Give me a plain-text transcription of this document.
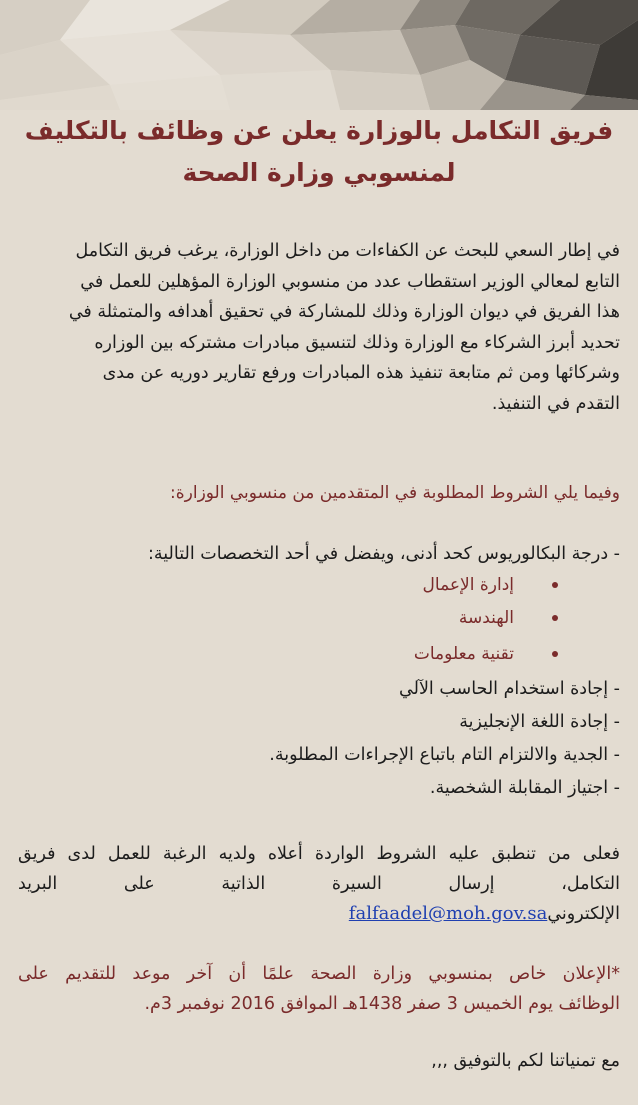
فريق التكامل بالوزارة يعلن عن وظائف بالتكليف
لمنسوبي وزارة الصحة
في إطار السعي للبحث عن الكفاءات من داخل الوزارة، يرغب فريق التكامل
التابع لمعالي الوزير استقطاب عدد من منسوبي الوزارة المؤهلين للعمل في
هذا الفريق في ديوان الوزارة وذلك للمشاركة في تحقيق أهدافه والمتمثلة في
تحديد أبرز الشركاء مع الوزارة وذلك لتنسيق مبادرات مشتركه بين الوزاره
وشركائها ومن ثم متابعة تنفيذ هذه المبادرات ورفع تقارير دوريه عن مدى
التقدم في التنفيذ.
وفيما يلي الشروط المطلوبة في المتقدمين من منسوبي الوزارة:
- درجة البكالوريوس كحد أدنى، ويفضل في أحد التخصصات التالية:
إدارة الإعمال
الهندسة
تقنية معلومات
- إجادة استخدام الحاسب الآلي
- إجادة اللغة الإنجليزية
- الجدية والالتزام التام باتباع الإجراءات المطلوبة.
- اجتياز المقابلة الشخصية.
فعلى من تنطبق عليه الشروط الواردة أعلاه ولديه الرغبة للعمل لدى فريق
التكامل، إرسال السيرة الذاتية على البريد
الإلكترونيfalfaadel@moh.gov.sa
*الإعلان خاص بمنسوبي وزارة الصحة علمًا أن آخر موعد للتقديم على
الوظائف يوم الخميس 3 صفر 1438هـ الموافق 2016 نوفمبر 3م.
مع تمنياتنا لكم بالتوفيق ,,,
